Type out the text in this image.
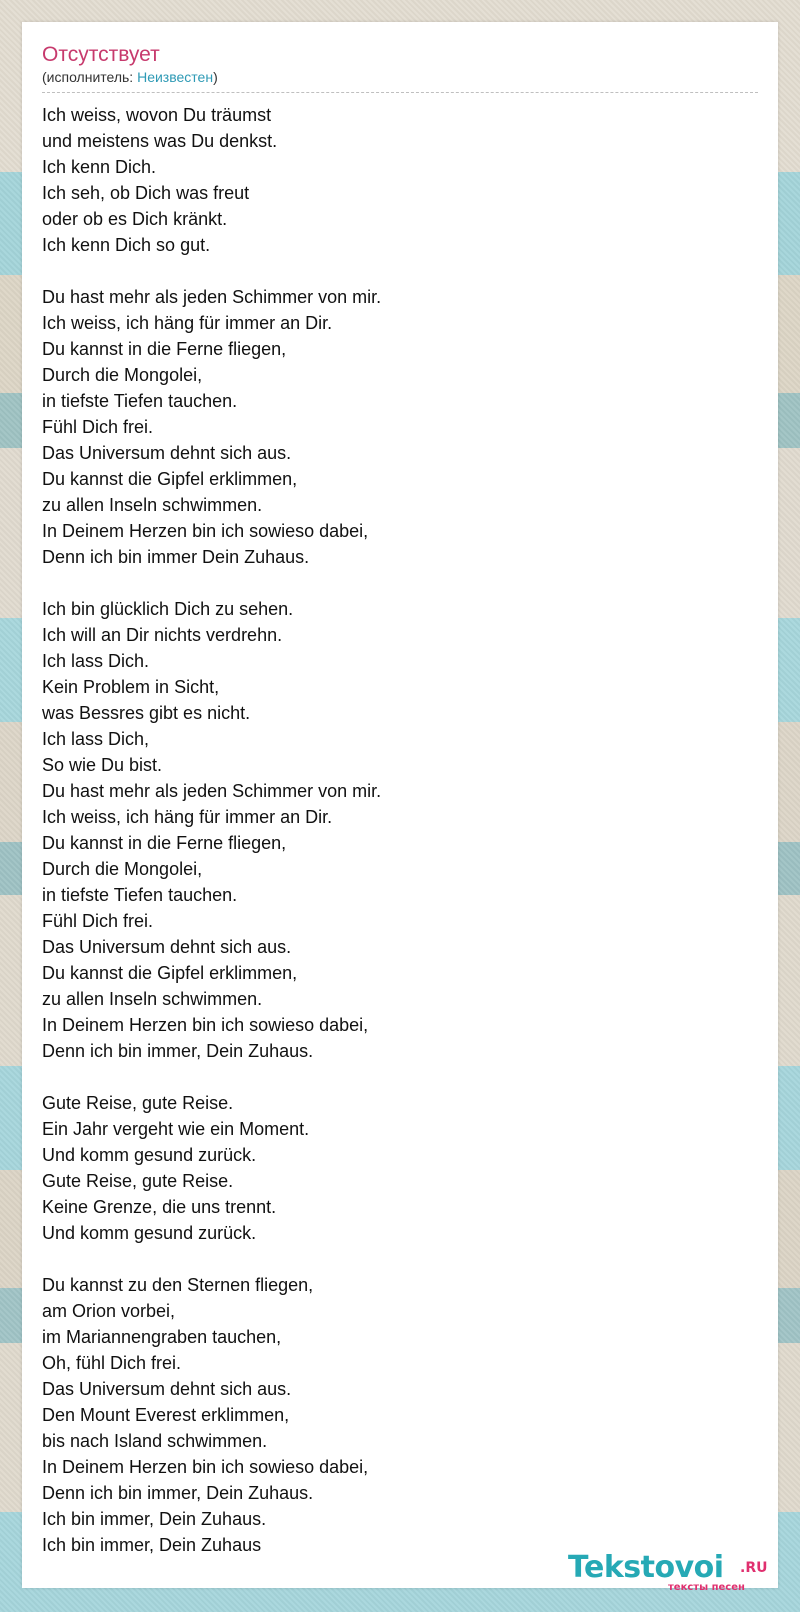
Отсутствует
(исполнитель: Неизвестен)
Ich weiss, wovon Du träumst
und meistens was Du denkst.
Ich kenn Dich.
Ich seh, ob Dich was freut
oder ob es Dich kränkt.
Ich kenn Dich so gut.
Du hast mehr als jeden Schimmer von mir.
Ich weiss, ich häng für immer an Dir.
Du kannst in die Ferne fliegen,
Durch die Mongolei,
in tiefste Tiefen tauchen.
Fühl Dich frei.
Das Universum dehnt sich aus.
Du kannst die Gipfel erklimmen,
zu allen Inseln schwimmen.
In Deinem Herzen bin ich sowieso dabei,
Denn ich bin immer Dein Zuhaus.
Ich bin glücklich Dich zu sehen.
Ich will an Dir nichts verdrehn.
Ich lass Dich.
Kein Problem in Sicht,
was Bessres gibt es nicht.
Ich lass Dich,
So wie Du bist.
Du hast mehr als jeden Schimmer von mir.
Ich weiss, ich häng für immer an Dir.
Du kannst in die Ferne fliegen,
Durch die Mongolei,
in tiefste Tiefen tauchen.
Fühl Dich frei.
Das Universum dehnt sich aus.
Du kannst die Gipfel erklimmen,
zu allen Inseln schwimmen.
In Deinem Herzen bin ich sowieso dabei,
Denn ich bin immer, Dein Zuhaus.
Gute Reise, gute Reise.
Ein Jahr vergeht wie ein Moment.
Und komm gesund zurück.
Gute Reise, gute Reise.
Keine Grenze, die uns trennt.
Und komm gesund zurück.
Du kannst zu den Sternen fliegen,
am Orion vorbei,
im Mariannengraben tauchen,
Oh, fühl Dich frei.
Das Universum dehnt sich aus.
Den Mount Everest erklimmen,
bis nach Island schwimmen.
In Deinem Herzen bin ich sowieso dabei,
Denn ich bin immer, Dein Zuhaus.
Ich bin immer, Dein Zuhaus.
Ich bin immer, Dein Zuhaus
Tekstovoi .RU
тексты песен
